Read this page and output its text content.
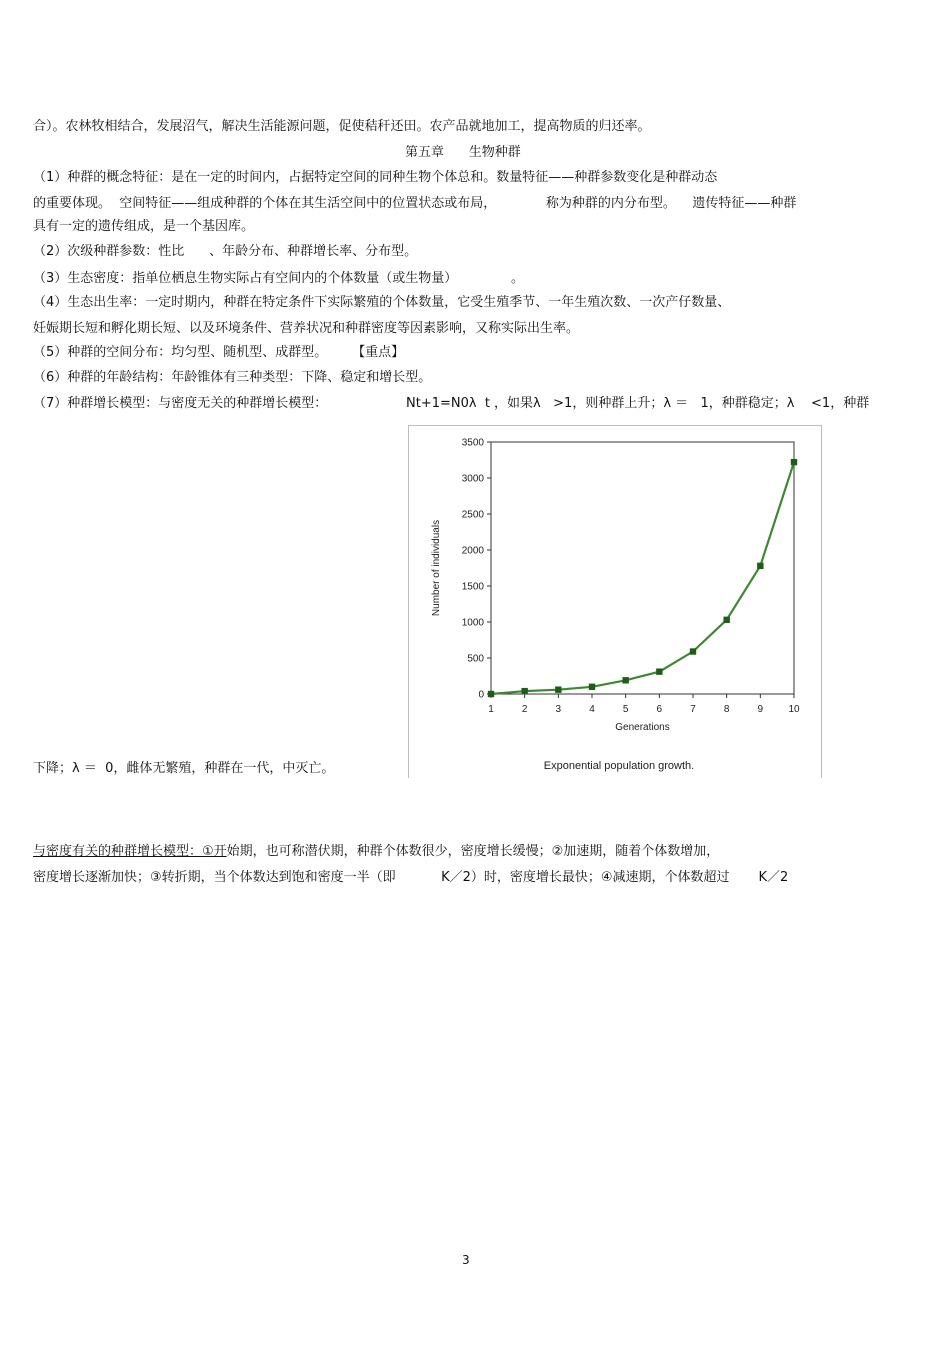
合）。农林牧相结合，发展沼气，解决生活能源问题，促使秸秆还田。农产品就地加工，提高物质的归还率。
第五章      生物种群
（1）种群的概念特征：是在一定的时间内，占据特定空间的同种生物个体总和。数量特征——种群参数变化是种群动态
的重要体现。  空间特征——组成种群的个体在其生活空间中的位置状态或布局，            称为种群的内分布型。    遗传特征——种群
具有一定的遗传组成，是一个基因库。
（2）次级种群参数：性比      、年龄分布、种群增长率、分布型。
（3）生态密度：指单位栖息生物实际占有空间内的个体数量（或生物量）             。
（4）生态出生率：一定时期内，种群在特定条件下实际繁殖的个体数量，它受生殖季节、一年生殖次数、一次产仔数量、
妊娠期长短和孵化期长短、以及环境条件、营养状况和种群密度等因素影响，又称实际出生率。
（5）种群的空间分布：均匀型、随机型、成群型。      【重点】
（6）种群的年龄结构：年龄锥体有三种类型：下降、稳定和增长型。
（7）种群增长模型：与密度无关的种群增长模型：	Nt+1=N0λ  t ，如果λ   >1，则种群上升；λ ＝   1，种群稳定；λ    <1，种群
下降；λ ＝  0，雌体无繁殖，种群在一代，中灭亡。
与密度有关的种群增长模型：①开始期，也可称潜伏期，种群个体数很少，密度增长缓慢；②加速期，随着个体数增加，
密度增长逐渐加快；③转折期，当个体数达到饱和密度一半（即           K／2）时，密度增长最快；④减速期，个体数超过       K／2
0
500
1000
1500
2000
2500
3000
3500
1	2	3	4	5	6	7	8	9	10
Generations
Number of individuals
Exponential population growth.
3
